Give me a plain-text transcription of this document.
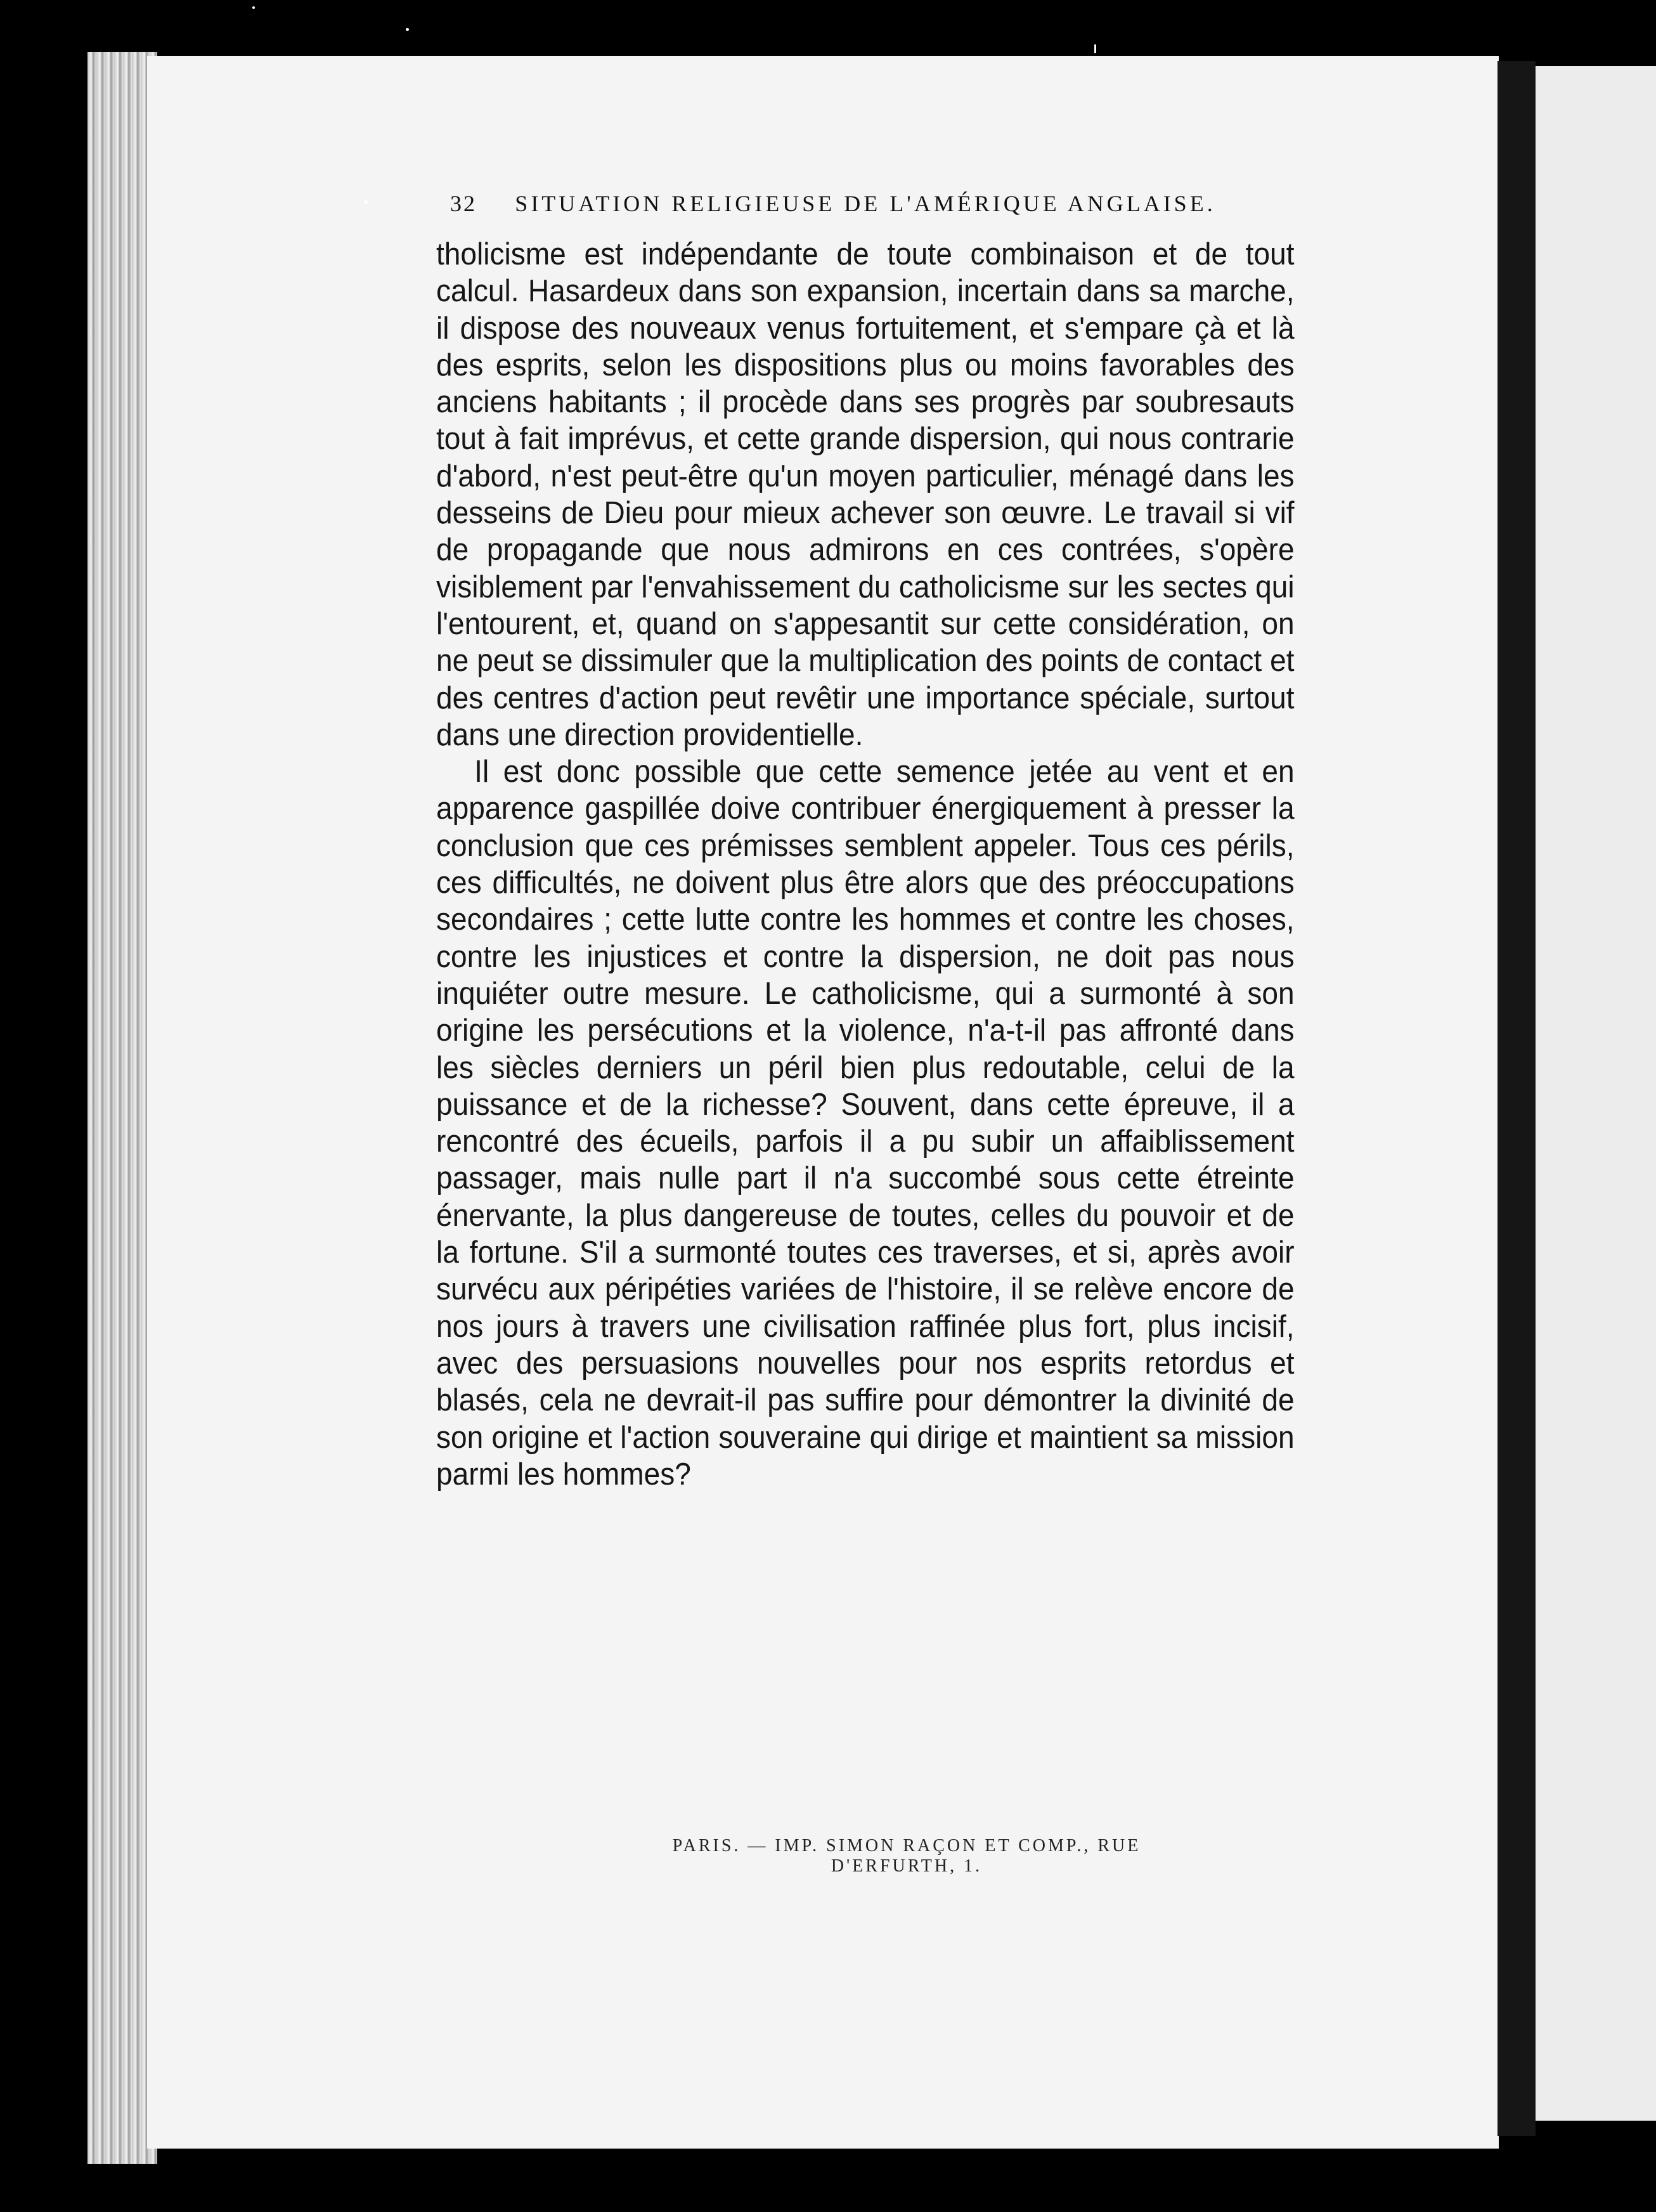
32	SITUATION RELIGIEUSE DE L'AMÉRIQUE ANGLAISE.

tholicisme est indépendante de toute combinaison et de tout calcul. Hasardeux dans son expansion, incertain dans sa marche, il dispose des nouveaux venus fortuitement, et s'empare çà et là des esprits, selon les dispositions plus ou moins favorables des anciens habitants ; il procède dans ses progrès par soubresauts tout à fait imprévus, et cette grande dispersion, qui nous contrarie d'abord, n'est peut-être qu'un moyen particulier, ménagé dans les desseins de Dieu pour mieux achever son œuvre. Le travail si vif de propagande que nous admirons en ces contrées, s'opère visiblement par l'envahissement du catholicisme sur les sectes qui l'entourent, et, quand on s'appesantit sur cette considération, on ne peut se dissimuler que la multiplication des points de contact et des centres d'action peut revêtir une importance spéciale, surtout dans une direction providentielle.

Il est donc possible que cette semence jetée au vent et en apparence gaspillée doive contribuer énergiquement à presser la conclusion que ces prémisses semblent appeler. Tous ces périls, ces difficultés, ne doivent plus être alors que des préoccupations secondaires ; cette lutte contre les hommes et contre les choses, contre les injustices et contre la dispersion, ne doit pas nous inquiéter outre mesure. Le catholicisme, qui a surmonté à son origine les persécutions et la violence, n'a-t-il pas affronté dans les siècles derniers un péril bien plus redoutable, celui de la puissance et de la richesse? Souvent, dans cette épreuve, il a rencontré des écueils, parfois il a pu subir un affaiblissement passager, mais nulle part il n'a succombé sous cette étreinte énervante, la plus dangereuse de toutes, celles du pouvoir et de la fortune. S'il a surmonté toutes ces traverses, et si, après avoir survécu aux péripéties variées de l'histoire, il se relève encore de nos jours à travers une civilisation raffinée plus fort, plus incisif, avec des persuasions nouvelles pour nos esprits retordus et blasés, cela ne devrait-il pas suffire pour démontrer la divinité de son origine et l'action souveraine qui dirige et maintient sa mission parmi les hommes?

PARIS. — IMP. SIMON RAÇON ET COMP., RUE D'ERFURTH, 1.
